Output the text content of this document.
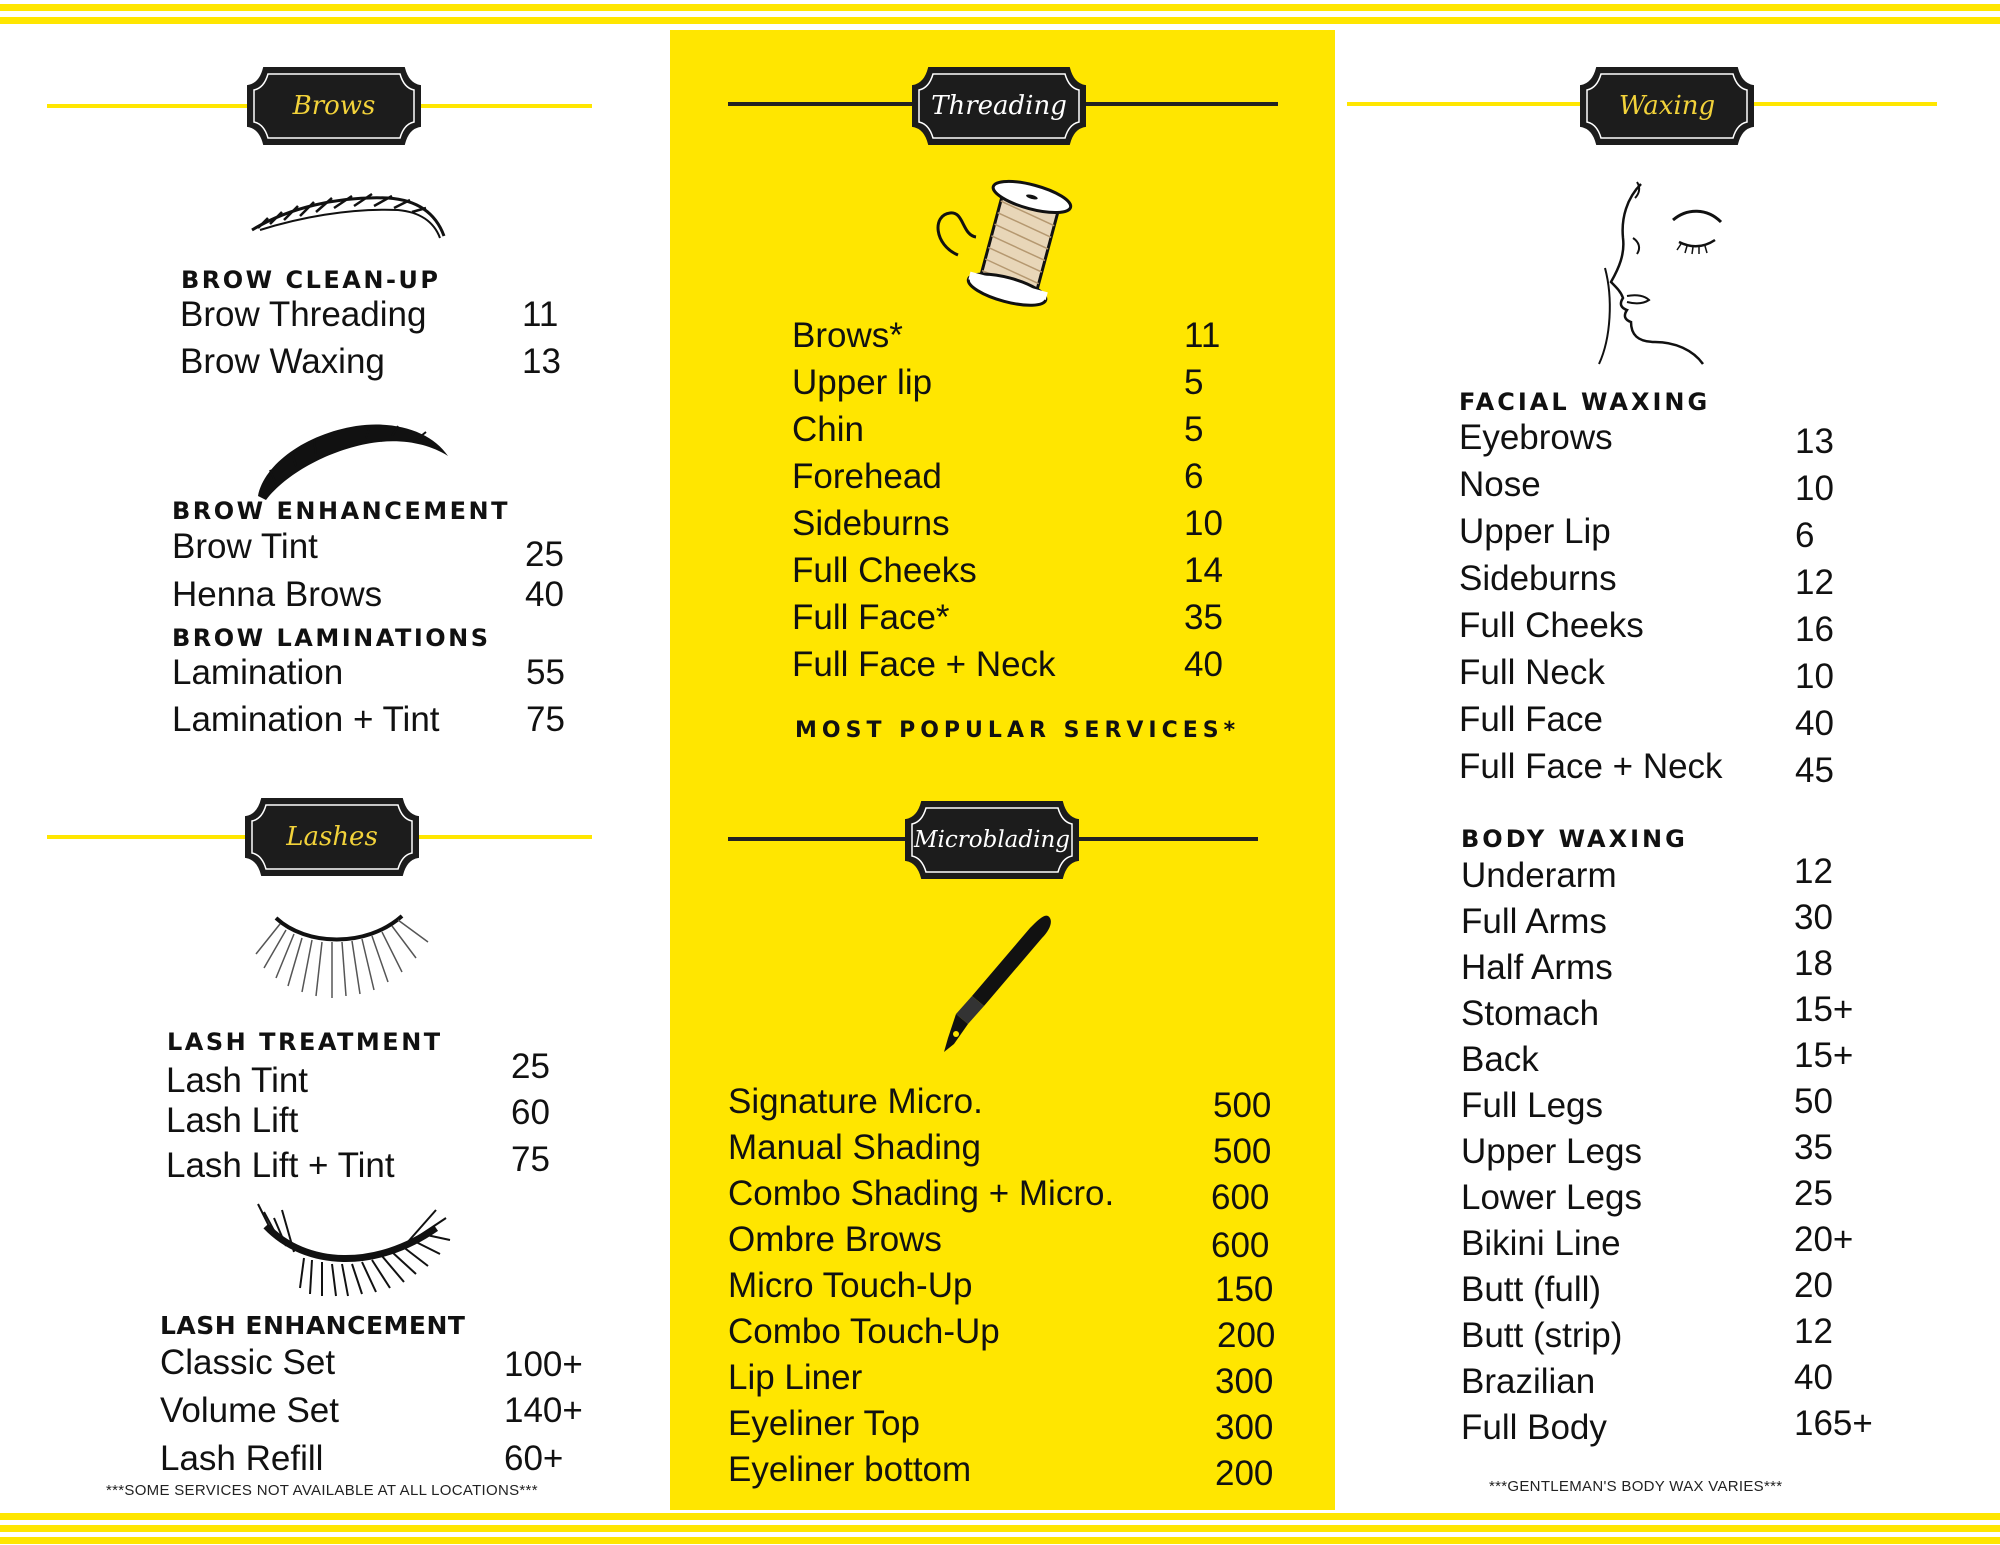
Brows
BROW CLEAN-UP
Brow Threading	11
Brow Waxing	13
BROW ENHANCEMENT
Brow Tint	25
Henna Brows	40
BROW LAMINATIONS
Lamination	55
Lamination + Tint 75
Lashes
LASH TREATMENT
Lash Tint	25
Lash Lift	60
Lash Lift + Tint	75
LASH ENHANCEMENT
Classic Set	100+
Volume Set	140+
Lash Refill	60+
***SOME SERVICES NOT AVAILABLE AT ALL LOCATIONS***
Threading
Brows*	11
Upper lip	5
Chin	5
Forehead	6
Sideburns	10
Full Cheeks	14
Full Face*	35
Full Face + Neck	40
MOST POPULAR SERVICES*
Microblading
Signature Micro.	500
Manual Shading	500
Combo Shading + Micro.	600
Ombre Brows	600
Micro Touch-Up	150
Combo Touch-Up	200
Lip Liner	300
Eyeliner Top	300
Eyeliner bottom	200
Waxing
FACIAL WAXING
Eyebrows	13
Nose	10
Upper Lip	6
Sideburns	12
Full Cheeks	16
Full Neck	10
Full Face	40
Full Face + Neck 45
BODY WAXING
Underarm	12
Full Arms	30
Half Arms	18
Stomach	15+
Back	15+
Full Legs	50
Upper Legs	35
Lower Legs	25
Bikini Line	20+
Butt (full)	20
Butt (strip)	12
Brazilian	40
Full Body	165+
***GENTLEMAN'S BODY WAX VARIES***
